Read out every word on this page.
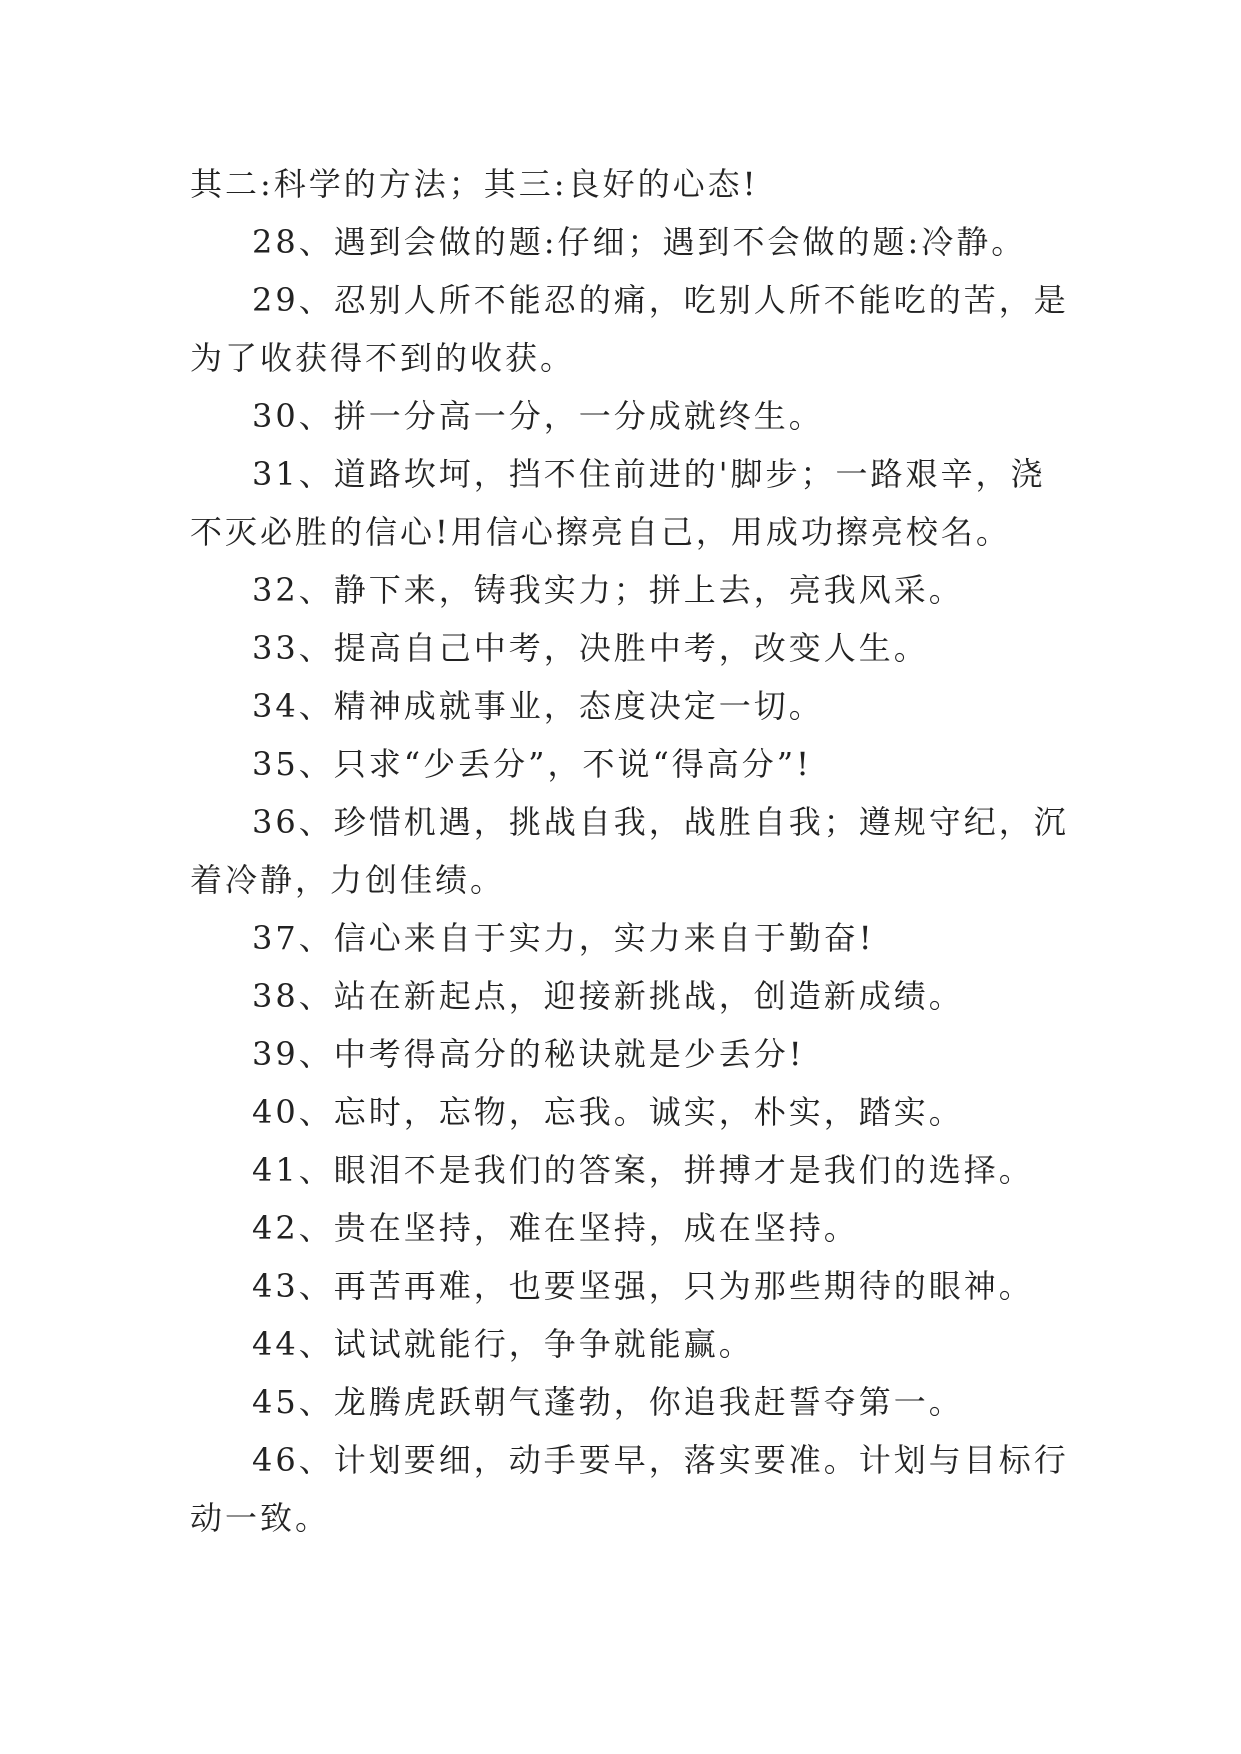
其二:科学的方法；其三:良好的心态!

28、遇到会做的题:仔细；遇到不会做的题:冷静。

29、忍别人所不能忍的痛，吃别人所不能吃的苦，是为了收获得不到的收获。

30、拼一分高一分，一分成就终生。

31、道路坎坷，挡不住前进的'脚步；一路艰辛，浇不灭必胜的信心!用信心擦亮自己，用成功擦亮校名。

32、静下来，铸我实力；拼上去，亮我风采。

33、提高自己中考，决胜中考，改变人生。

34、精神成就事业，态度决定一切。

35、只求“少丢分”，不说“得高分”!

36、珍惜机遇，挑战自我，战胜自我；遵规守纪，沉着冷静，力创佳绩。

37、信心来自于实力，实力来自于勤奋!

38、站在新起点，迎接新挑战，创造新成绩。

39、中考得高分的秘诀就是少丢分!

40、忘时，忘物，忘我。诚实，朴实，踏实。

41、眼泪不是我们的答案，拼搏才是我们的选择。

42、贵在坚持，难在坚持，成在坚持。

43、再苦再难，也要坚强，只为那些期待的眼神。

44、试试就能行，争争就能赢。

45、龙腾虎跃朝气蓬勃，你追我赶誓夺第一。

46、计划要细，动手要早，落实要准。计划与目标行动一致。
